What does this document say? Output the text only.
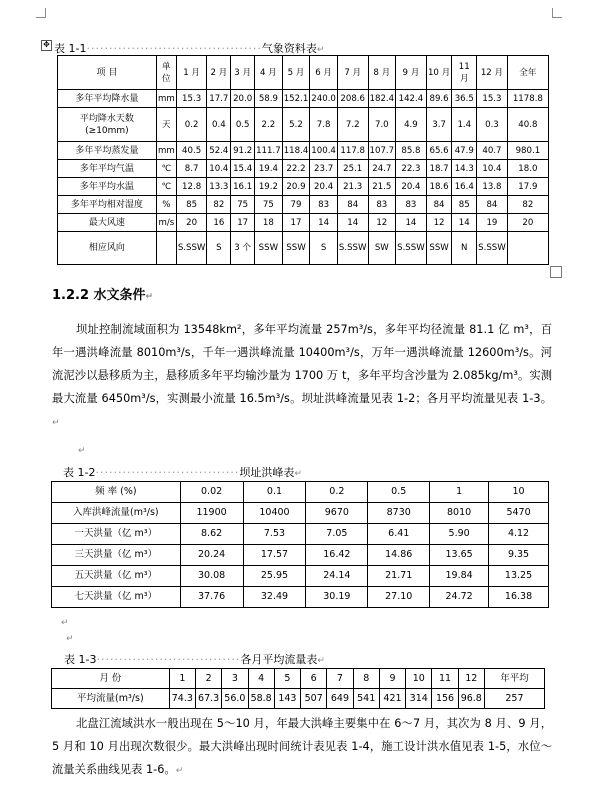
✥ 表 1-1·······································气象资料表↵
项 目	单位	1 月	2 月	3 月	4 月	5 月	6 月	7 月	8 月	9 月	10 月	11 月	12 月	全年
多年平均降水量	mm	15.3	17.7	20.0	58.9	152.1	240.0	208.6	182.4	142.4	89.6	36.5	15.3	1178.8
平均降水天数(≥10mm)	天	0.2	0.4	0.5	2.2	5.2	7.8	7.2	7.0	4.9	3.7	1.4	0.3	40.8
多年平均蒸发量	mm	40.5	52.4	91.2	111.7	118.4	100.4	117.8	107.7	85.8	65.6	47.9	40.7	980.1
多年平均气温	℃	8.7	10.4	15.4	19.4	22.2	23.7	25.1	24.7	22.3	18.7	14.3	10.4	18.0
多年平均水温	℃	12.8	13.3	16.1	19.2	20.9	20.4	21.3	21.5	20.4	18.6	16.4	13.8	17.9
多年平均相对湿度	%	85	82	75	75	79	83	84	83	83	84	85	84	82
最大风速	m/s	20	16	17	18	17	14	14	12	14	12	14	19	20
相应风向		S.SSW	S	3 个	SSW	SSW	S	S.SSW	SW	S.SSW	SSW	N	S.SSW	
1.2.2 水文条件↵
坝址控制流域面积为 13548km²，多年平均流量 257m³/s，多年平均径流量 81.1 亿 m³，百年一遇洪峰流量 8010m³/s，千年一遇洪峰流量 10400m³/s，万年一遇洪峰流量 12600m³/s。河流泥沙以悬移质为主，悬移质多年平均输沙量为 1700 万 t，多年平均含沙量为 2.085kg/m³。实测最大流量 6450m³/s，实测最小流量 16.5m³/s。坝址洪峰流量见表 1-2；各月平均流量见表 1-3。↵
↵
表 1-2································坝址洪峰表↵
频 率 (%)	0.02	0.1	0.2	0.5	1	10
入库洪峰流量(m³/s)	11900	10400	9670	8730	8010	5470
一天洪量（亿 m³）	8.62	7.53	7.05	6.41	5.90	4.12
三天洪量（亿 m³）	20.24	17.57	16.42	14.86	13.65	9.35
五天洪量（亿 m³）	30.08	25.95	24.14	21.71	19.84	13.25
七天洪量（亿 m³）	37.76	32.49	30.19	27.10	24.72	16.38
↵
↵
表 1-3································各月平均流量表↵
月 份	1	2	3	4	5	6	7	8	9	10	11	12	年平均
平均流量(m³/s)	74.3	67.3	56.0	58.8	143	507	649	541	421	314	156	96.8	257
北盘江流域洪水一般出现在 5～10 月，年最大洪峰主要集中在 6～7 月，其次为 8 月、9 月，5 月和 10 月出现次数很少。最大洪峰出现时间统计表见表 1-4，施工设计洪水值见表 1-5，水位～流量关系曲线见表 1-6。↵
